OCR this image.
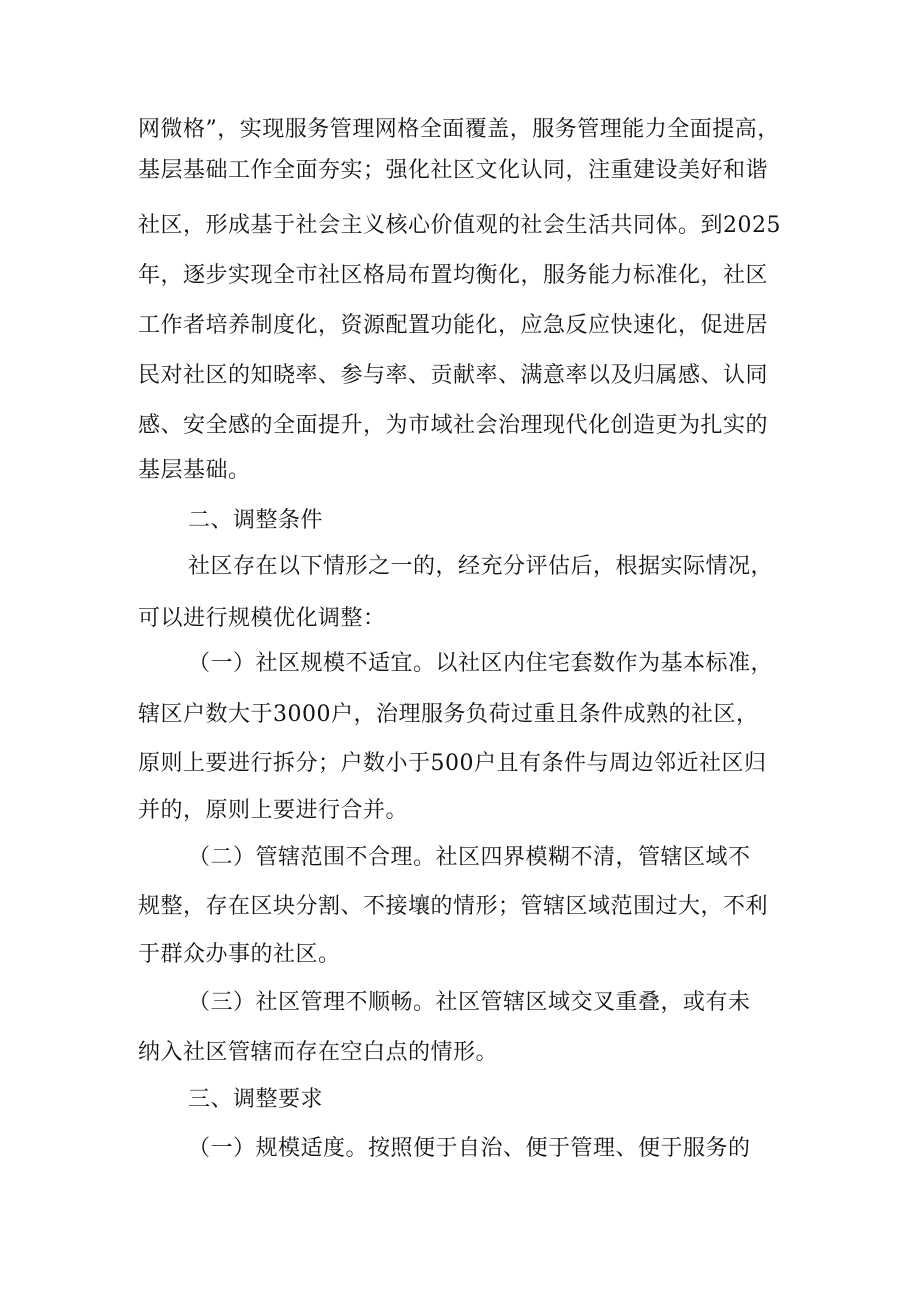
网微格”，实现服务管理网格全面覆盖，服务管理能力全面提高，
基层基础工作全面夯实；强化社区文化认同，注重建设美好和谐
社区，形成基于社会主义核心价值观的社会生活共同体。到2025
年，逐步实现全市社区格局布置均衡化，服务能力标准化，社区
工作者培养制度化，资源配置功能化，应急反应快速化，促进居
民对社区的知晓率、参与率、贡献率、满意率以及归属感、认同
感、安全感的全面提升，为市域社会治理现代化创造更为扎实的
基层基础。
二、调整条件
社区存在以下情形之一的，经充分评估后，根据实际情况，
可以进行规模优化调整：
（一）社区规模不适宜。以社区内住宅套数作为基本标准，
辖区户数大于3000户，治理服务负荷过重且条件成熟的社区，
原则上要进行拆分；户数小于500户且有条件与周边邻近社区归
并的，原则上要进行合并。
（二）管辖范围不合理。社区四界模糊不清，管辖区域不
规整，存在区块分割、不接壤的情形；管辖区域范围过大，不利
于群众办事的社区。
（三）社区管理不顺畅。社区管辖区域交叉重叠，或有未
纳入社区管辖而存在空白点的情形。
三、调整要求
（一）规模适度。按照便于自治、便于管理、便于服务的
